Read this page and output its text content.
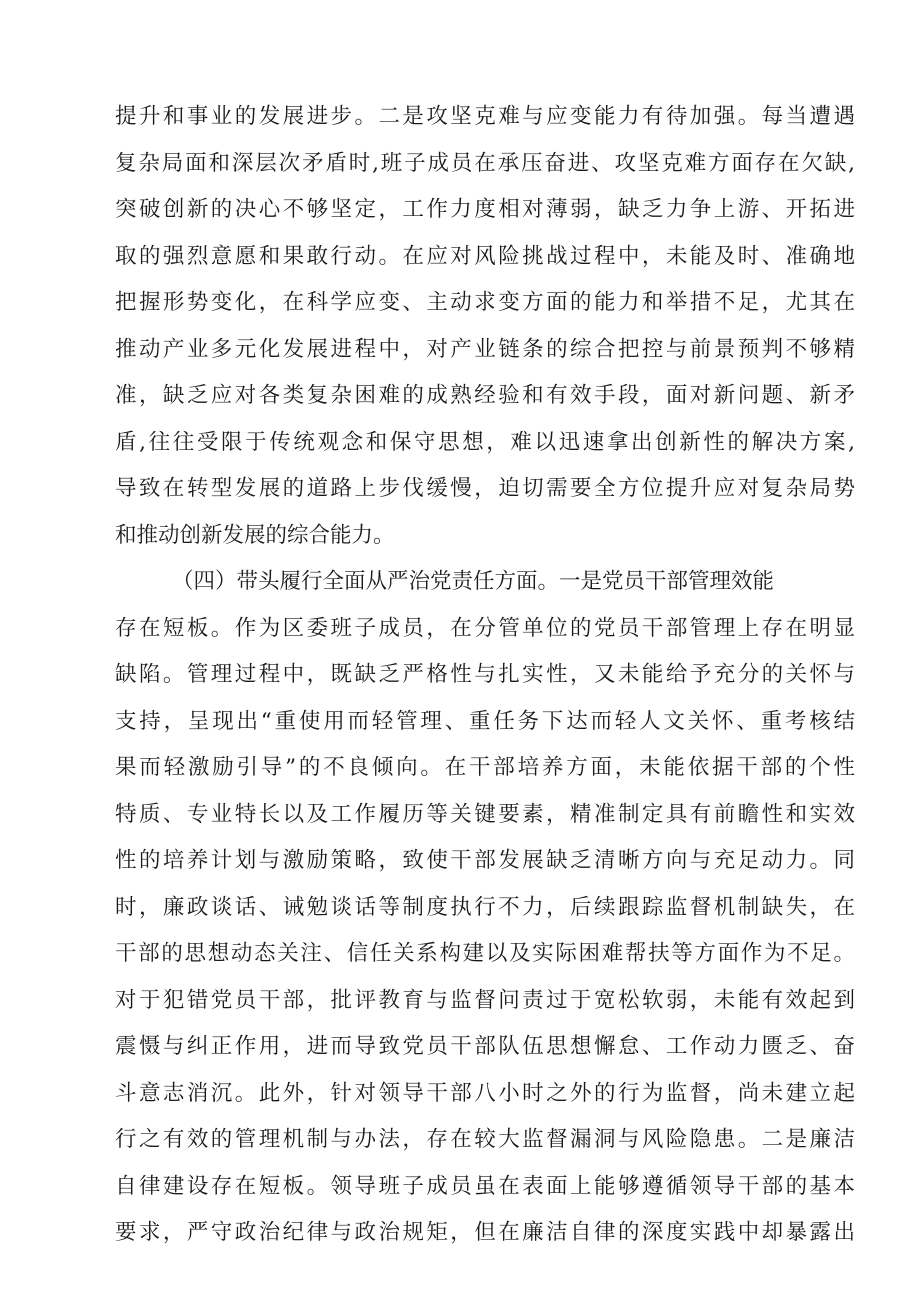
提升和事业的发展进步。二是攻坚克难与应变能力有待加强。每当遭遇
复杂局面和深层次矛盾时,班子成员在承压奋进、攻坚克难方面存在欠缺,
突破创新的决心不够坚定，工作力度相对薄弱，缺乏力争上游、开拓进
取的强烈意愿和果敢行动。在应对风险挑战过程中，未能及时、准确地
把握形势变化，在科学应变、主动求变方面的能力和举措不足，尤其在
推动产业多元化发展进程中，对产业链条的综合把控与前景预判不够精
准，缺乏应对各类复杂困难的成熟经验和有效手段，面对新问题、新矛
盾,往往受限于传统观念和保守思想，难以迅速拿出创新性的解决方案,
导致在转型发展的道路上步伐缓慢，迫切需要全方位提升应对复杂局势
和推动创新发展的综合能力。
（四）带头履行全面从严治党责任方面。一是党员干部管理效能
存在短板。作为区委班子成员，在分管单位的党员干部管理上存在明显
缺陷。管理过程中，既缺乏严格性与扎实性，又未能给予充分的关怀与
支持，呈现出“重使用而轻管理、重任务下达而轻人文关怀、重考核结
果而轻激励引导”的不良倾向。在干部培养方面，未能依据干部的个性
特质、专业特长以及工作履历等关键要素，精准制定具有前瞻性和实效
性的培养计划与激励策略，致使干部发展缺乏清晰方向与充足动力。同
时，廉政谈话、诫勉谈话等制度执行不力，后续跟踪监督机制缺失，在
干部的思想动态关注、信任关系构建以及实际困难帮扶等方面作为不足。
对于犯错党员干部，批评教育与监督问责过于宽松软弱，未能有效起到
震慑与纠正作用，进而导致党员干部队伍思想懈怠、工作动力匮乏、奋
斗意志消沉。此外，针对领导干部八小时之外的行为监督，尚未建立起
行之有效的管理机制与办法，存在较大监督漏洞与风险隐患。二是廉洁
自律建设存在短板。领导班子成员虽在表面上能够遵循领导干部的基本
要求，严守政治纪律与政治规矩，但在廉洁自律的深度实践中却暴露出
